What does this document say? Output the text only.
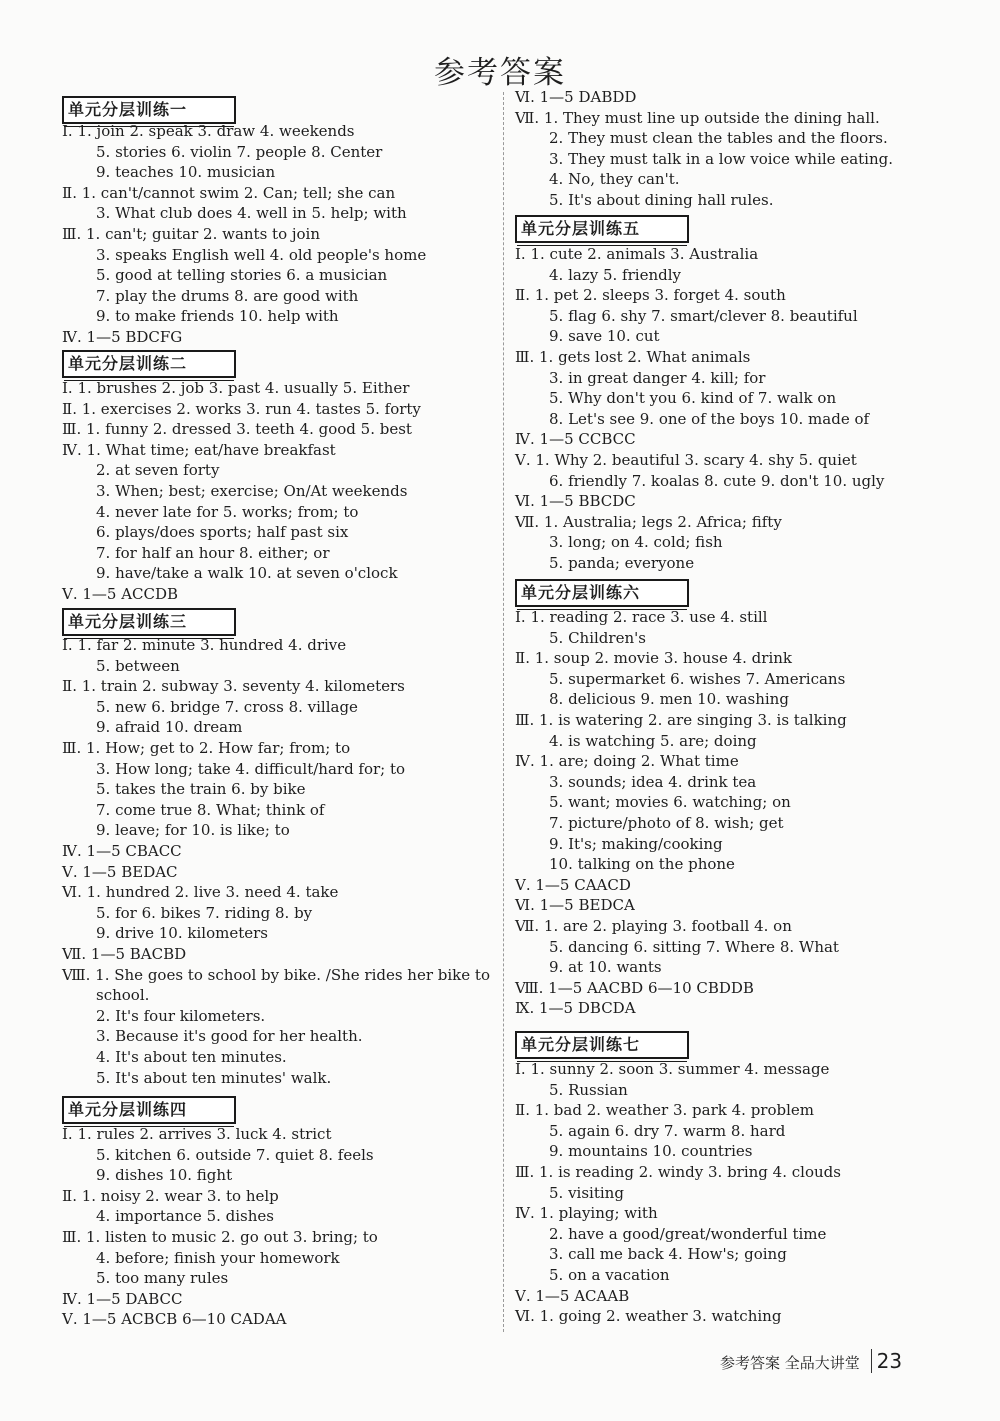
参考答案
单元分层训练一
Ⅰ. 1. join 2. speak 3. draw 4. weekends
5. stories 6. violin 7. people 8. Center
9. teaches 10. musician
Ⅱ. 1. can't/cannot swim 2. Can; tell; she can
3. What club does 4. well in 5. help; with
Ⅲ. 1. can't; guitar 2. wants to join
3. speaks English well 4. old people's home
5. good at telling stories 6. a musician
7. play the drums 8. are good with
9. to make friends 10. help with
Ⅳ. 1—5 BDCFG
单元分层训练二
Ⅰ. 1. brushes 2. job 3. past 4. usually 5. Either
Ⅱ. 1. exercises 2. works 3. run 4. tastes 5. forty
Ⅲ. 1. funny 2. dressed 3. teeth 4. good 5. best
Ⅳ. 1. What time; eat/have breakfast
2. at seven forty
3. When; best; exercise; On/At weekends
4. never late for 5. works; from; to
6. plays/does sports; half past six
7. for half an hour 8. either; or
9. have/take a walk 10. at seven o'clock
Ⅴ. 1—5 ACCDB
单元分层训练三
Ⅰ. 1. far 2. minute 3. hundred 4. drive
5. between
Ⅱ. 1. train 2. subway 3. seventy 4. kilometers
5. new 6. bridge 7. cross 8. village
9. afraid 10. dream
Ⅲ. 1. How; get to 2. How far; from; to
3. How long; take 4. difficult/hard for; to
5. takes the train 6. by bike
7. come true 8. What; think of
9. leave; for 10. is like; to
Ⅳ. 1—5 CBACC
Ⅴ. 1—5 BEDAC
Ⅵ. 1. hundred 2. live 3. need 4. take
5. for 6. bikes 7. riding 8. by
9. drive 10. kilometers
Ⅶ. 1—5 BACBD
Ⅷ. 1. She goes to school by bike. /She rides her bike to
school.
2. It's four kilometers.
3. Because it's good for her health.
4. It's about ten minutes.
5. It's about ten minutes' walk.
单元分层训练四
Ⅰ. 1. rules 2. arrives 3. luck 4. strict
5. kitchen 6. outside 7. quiet 8. feels
9. dishes 10. fight
Ⅱ. 1. noisy 2. wear 3. to help
4. importance 5. dishes
Ⅲ. 1. listen to music 2. go out 3. bring; to
4. before; finish your homework
5. too many rules
Ⅳ. 1—5 DABCC
Ⅴ. 1—5 ACBCB 6—10 CADAA
Ⅵ. 1—5 DABDD
Ⅶ. 1. They must line up outside the dining hall.
2. They must clean the tables and the floors.
3. They must talk in a low voice while eating.
4. No, they can't.
5. It's about dining hall rules.
单元分层训练五
Ⅰ. 1. cute 2. animals 3. Australia
4. lazy 5. friendly
Ⅱ. 1. pet 2. sleeps 3. forget 4. south
5. flag 6. shy 7. smart/clever 8. beautiful
9. save 10. cut
Ⅲ. 1. gets lost 2. What animals
3. in great danger 4. kill; for
5. Why don't you 6. kind of 7. walk on
8. Let's see 9. one of the boys 10. made of
Ⅳ. 1—5 CCBCC
Ⅴ. 1. Why 2. beautiful 3. scary 4. shy 5. quiet
6. friendly 7. koalas 8. cute 9. don't 10. ugly
Ⅵ. 1—5 BBCDC
Ⅶ. 1. Australia; legs 2. Africa; fifty
3. long; on 4. cold; fish
5. panda; everyone
单元分层训练六
Ⅰ. 1. reading 2. race 3. use 4. still
5. Children's
Ⅱ. 1. soup 2. movie 3. house 4. drink
5. supermarket 6. wishes 7. Americans
8. delicious 9. men 10. washing
Ⅲ. 1. is watering 2. are singing 3. is talking
4. is watching 5. are; doing
Ⅳ. 1. are; doing 2. What time
3. sounds; idea 4. drink tea
5. want; movies 6. watching; on
7. picture/photo of 8. wish; get
9. It's; making/cooking
10. talking on the phone
Ⅴ. 1—5 CAACD
Ⅵ. 1—5 BEDCA
Ⅶ. 1. are 2. playing 3. football 4. on
5. dancing 6. sitting 7. Where 8. What
9. at 10. wants
Ⅷ. 1—5 AACBD 6—10 CBDDB
Ⅸ. 1—5 DBCDA
单元分层训练七
Ⅰ. 1. sunny 2. soon 3. summer 4. message
5. Russian
Ⅱ. 1. bad 2. weather 3. park 4. problem
5. again 6. dry 7. warm 8. hard
9. mountains 10. countries
Ⅲ. 1. is reading 2. windy 3. bring 4. clouds
5. visiting
Ⅳ. 1. playing; with
2. have a good/great/wonderful time
3. call me back 4. How's; going
5. on a vacation
Ⅴ. 1—5 ACAAB
Ⅵ. 1. going 2. weather 3. watching
参考答案 全品大讲堂 23
